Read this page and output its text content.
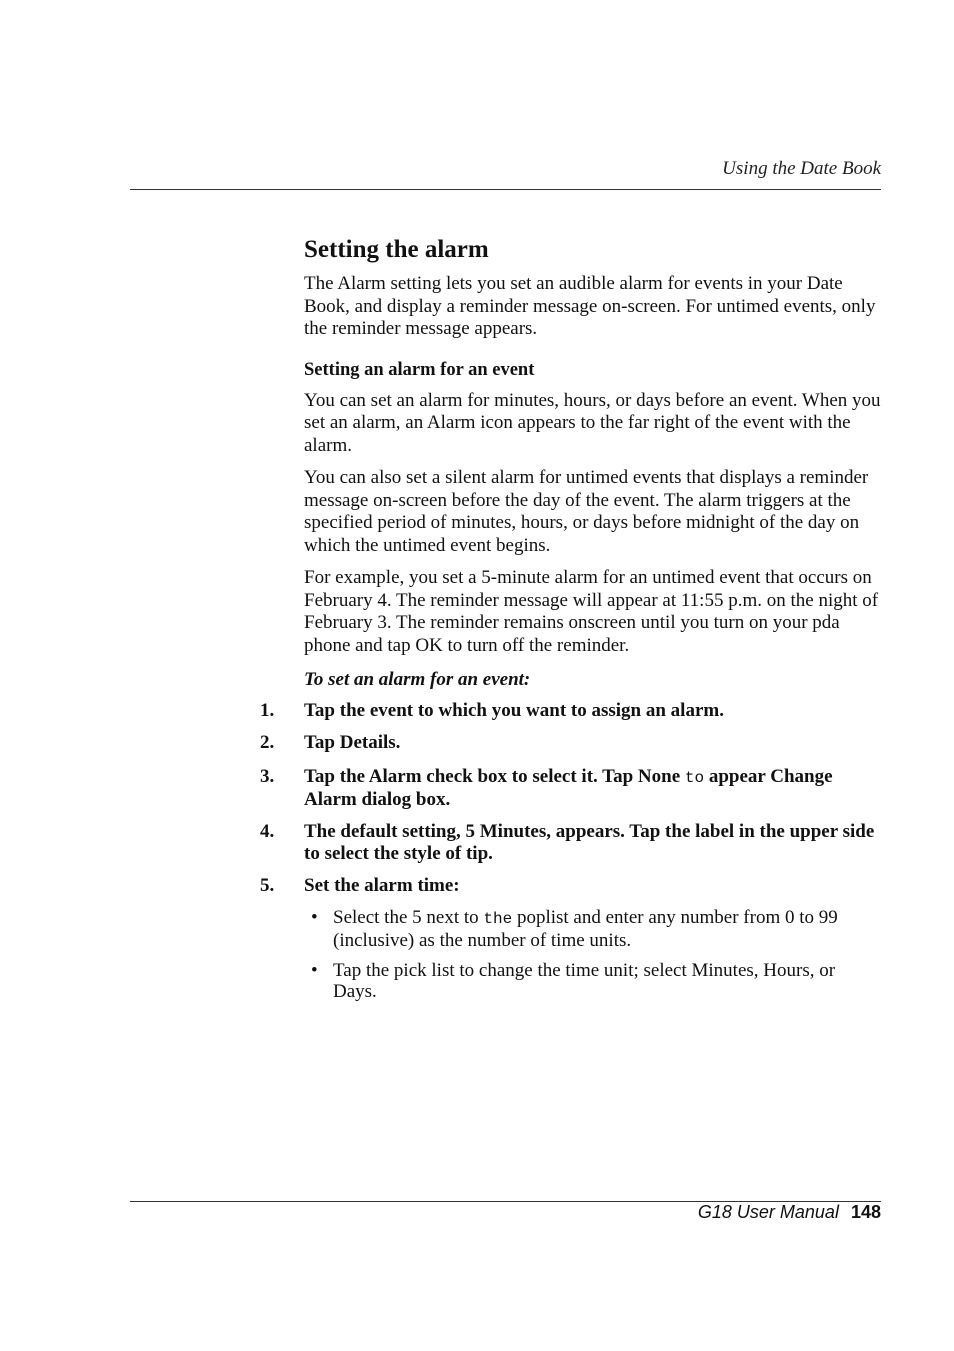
Using the Date Book
Setting the alarm

The Alarm setting lets you set an audible alarm for events in your Date Book, and display a reminder message on-screen. For untimed events, only the reminder message appears.

Setting an alarm for an event

You can set an alarm for minutes, hours, or days before an event. When you set an alarm, an Alarm icon appears to the far right of the event with the alarm.

You can also set a silent alarm for untimed events that displays a reminder message on-screen before the day of the event. The alarm triggers at the specified period of minutes, hours, or days before midnight of the day on which the untimed event begins.

For example, you set a 5-minute alarm for an untimed event that occurs on February 4. The reminder message will appear at 11:55 p.m. on the night of February 3. The reminder remains onscreen until you turn on your pda phone and tap OK to turn off the reminder.

To set an alarm for an event:
1. Tap the event to which you want to assign an alarm.
2. Tap Details.
3. Tap the Alarm check box to select it. Tap None to appear Change Alarm dialog box.
4. The default setting, 5 Minutes, appears. Tap the label in the upper side to select the style of tip.
5. Set the alarm time:
• Select the 5 next to the poplist and enter any number from 0 to 99 (inclusive) as the number of time units.
• Tap the pick list to change the time unit; select Minutes, Hours, or Days.
G18 User Manual 148
